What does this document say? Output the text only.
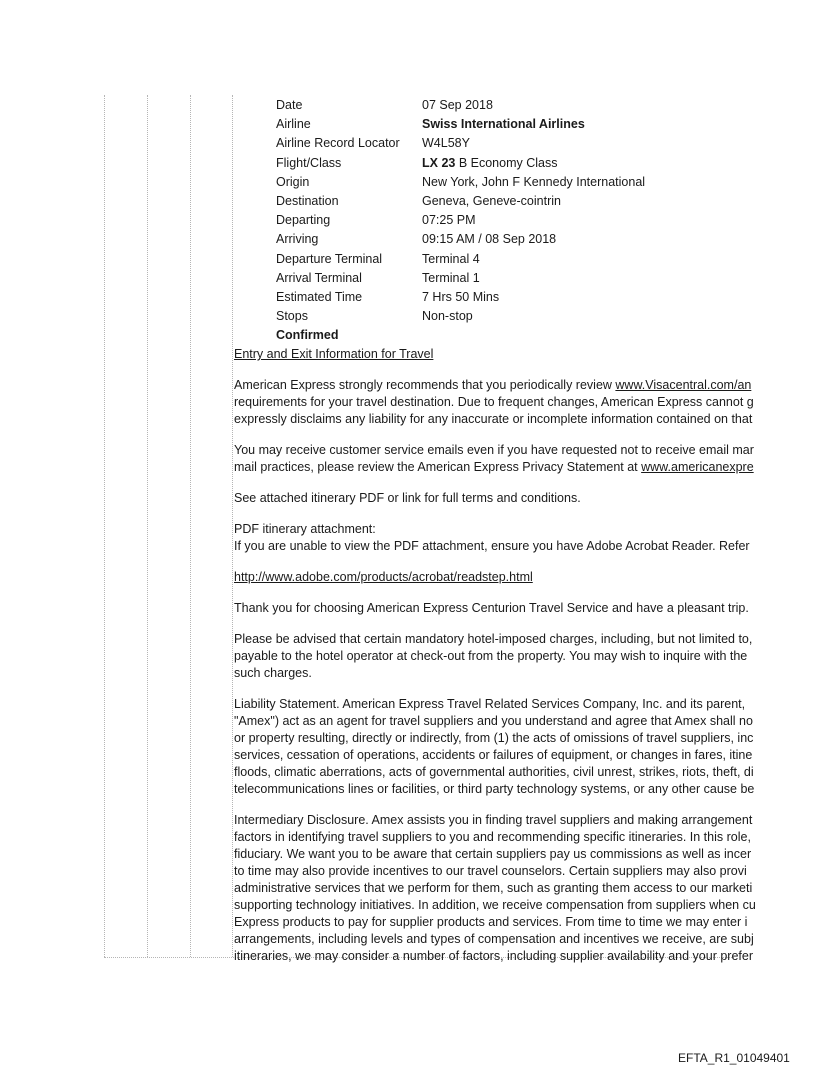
Date	07 Sep 2018
Airline	Swiss International Airlines
Airline Record Locator W4L58Y
Flight/Class	LX 23 B Economy Class
Origin	New York, John F Kennedy International
Destination	Geneva, Geneve-cointrin
Departing	07:25 PM
Arriving	09:15 AM / 08 Sep 2018
Departure Terminal	Terminal 4
Arrival Terminal	Terminal 1
Estimated Time	7 Hrs 50 Mins
Stops	Non-stop
Confirmed
Entry and Exit Information for Travel
American Express strongly recommends that you periodically review www.Visacentral.com/an
requirements for your travel destination. Due to frequent changes, American Express cannot g
expressly disclaims any liability for any inaccurate or incomplete information contained on that
You may receive customer service emails even if you have requested not to receive email mar
mail practices, please review the American Express Privacy Statement at www.americanexpre
See attached itinerary PDF or link for full terms and conditions.
PDF itinerary attachment:
If you are unable to view the PDF attachment, ensure you have Adobe Acrobat Reader. Refer
http://www.adobe.com/products/acrobat/readstep.html
Thank you for choosing American Express Centurion Travel Service and have a pleasant trip.
Please be advised that certain mandatory hotel-imposed charges, including, but not limited to,
payable to the hotel operator at check-out from the property. You may wish to inquire with the
such charges.
Liability Statement. American Express Travel Related Services Company, Inc. and its parent,
"Amex") act as an agent for travel suppliers and you understand and agree that Amex shall no
or property resulting, directly or indirectly, from (1) the acts of omissions of travel suppliers, inc
services, cessation of operations, accidents or failures of equipment, or changes in fares, itine
floods, climatic aberrations, acts of governmental authorities, civil unrest, strikes, riots, theft, di
telecommunications lines or facilities, or third party technology systems, or any other cause be
Intermediary Disclosure. Amex assists you in finding travel suppliers and making arrangement
factors in identifying travel suppliers to you and recommending specific itineraries. In this role,
fiduciary. We want you to be aware that certain suppliers pay us commissions as well as incer
to time may also provide incentives to our travel counselors. Certain suppliers may also provi
administrative services that we perform for them, such as granting them access to our marketi
supporting technology initiatives. In addition, we receive compensation from suppliers when cu
Express products to pay for supplier products and services. From time to time we may enter i
arrangements, including levels and types of compensation and incentives we receive, are subj
itineraries, we may consider a number of factors, including supplier availability and your prefer
EFTA_R1_01049401
